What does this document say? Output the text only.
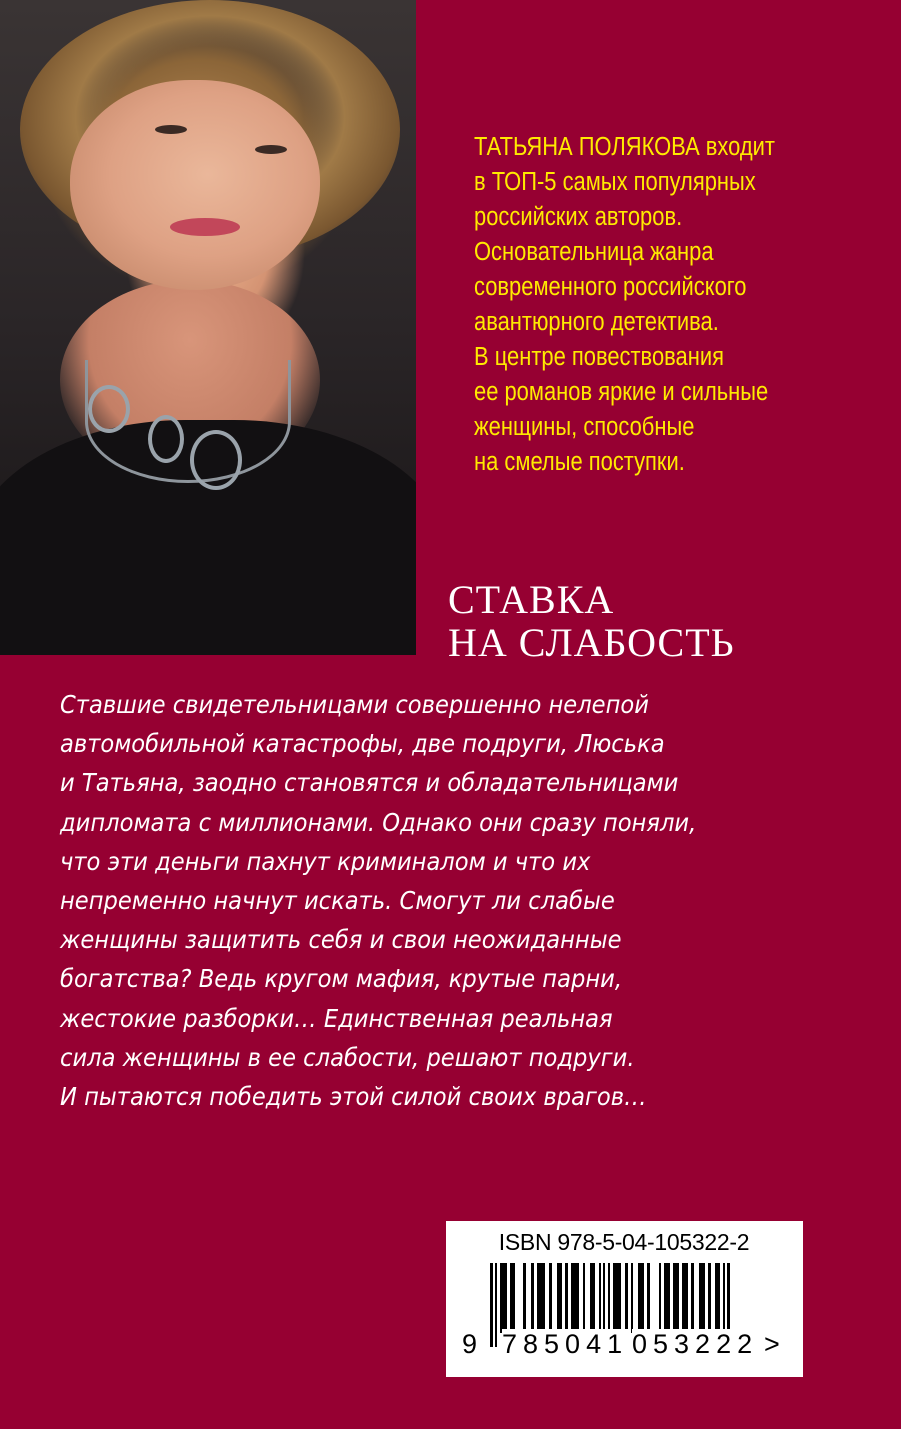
ТАТЬЯНА ПОЛЯКОВА входит
в ТОП-5 самых популярных
российских авторов.
Основательница жанра
современного российского
авантюрного детектива.
В центре повествования
ее романов яркие и сильные
женщины, способные
на смелые поступки.
СТАВКА
НА СЛАБОСТЬ
Ставшие свидетельницами совершенно нелепой
автомобильной катастрофы, две подруги, Люська
и Татьяна, заодно становятся и обладательницами
дипломата с миллионами. Однако они сразу поняли,
что эти деньги пахнут криминалом и что их
непременно начнут искать. Смогут ли слабые
женщины защитить себя и свои неожиданные
богатства? Ведь кругом мафия, крутые парни,
жестокие разборки… Единственная реальная
сила женщины в ее слабости, решают подруги.
И пытаются победить этой силой своих врагов…
ISBN 978-5-04-105322-2
9 785041 053222 >
